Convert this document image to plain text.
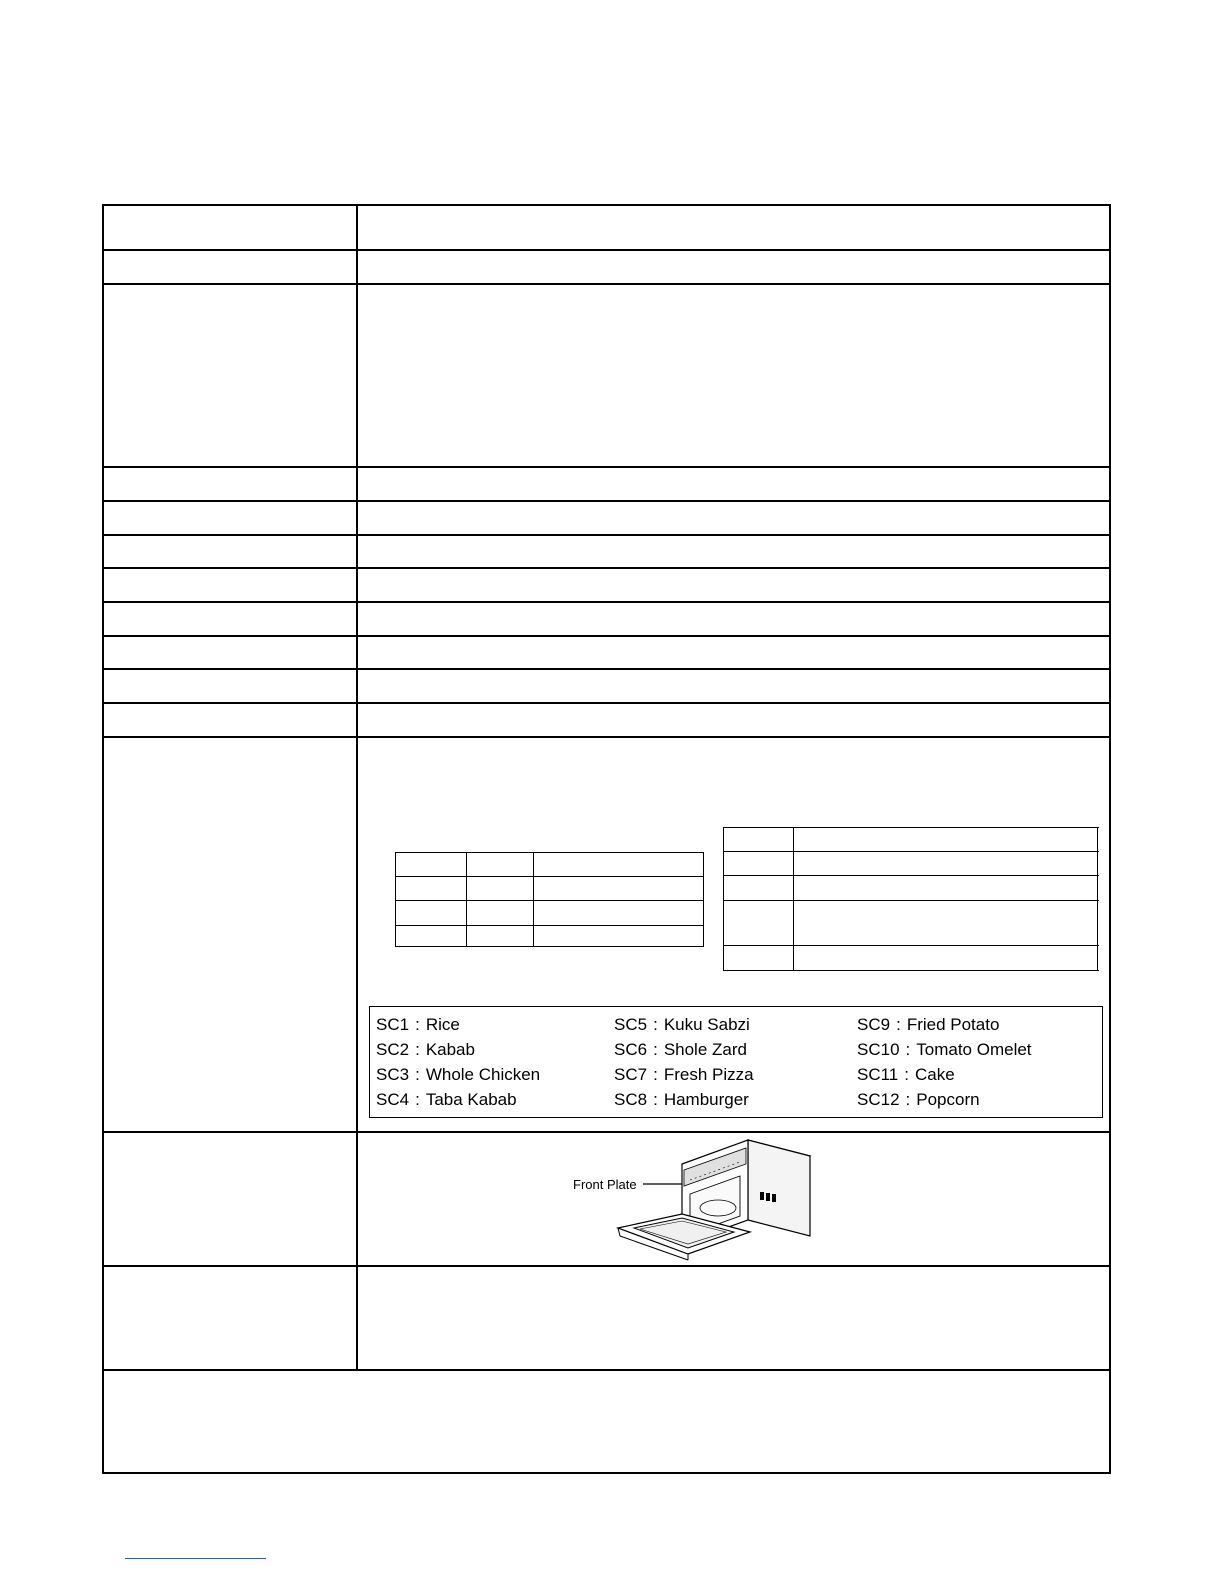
SC1 : Rice
SC2 : Kabab
SC3 : Whole Chicken
SC4 : Taba Kabab
SC5 : Kuku Sabzi
SC6 : Shole Zard
SC7 : Fresh Pizza
SC8 : Hamburger
SC9 : Fried Potato
SC10 : Tomato Omelet
SC11 : Cake
SC12 : Popcorn
Front Plate
